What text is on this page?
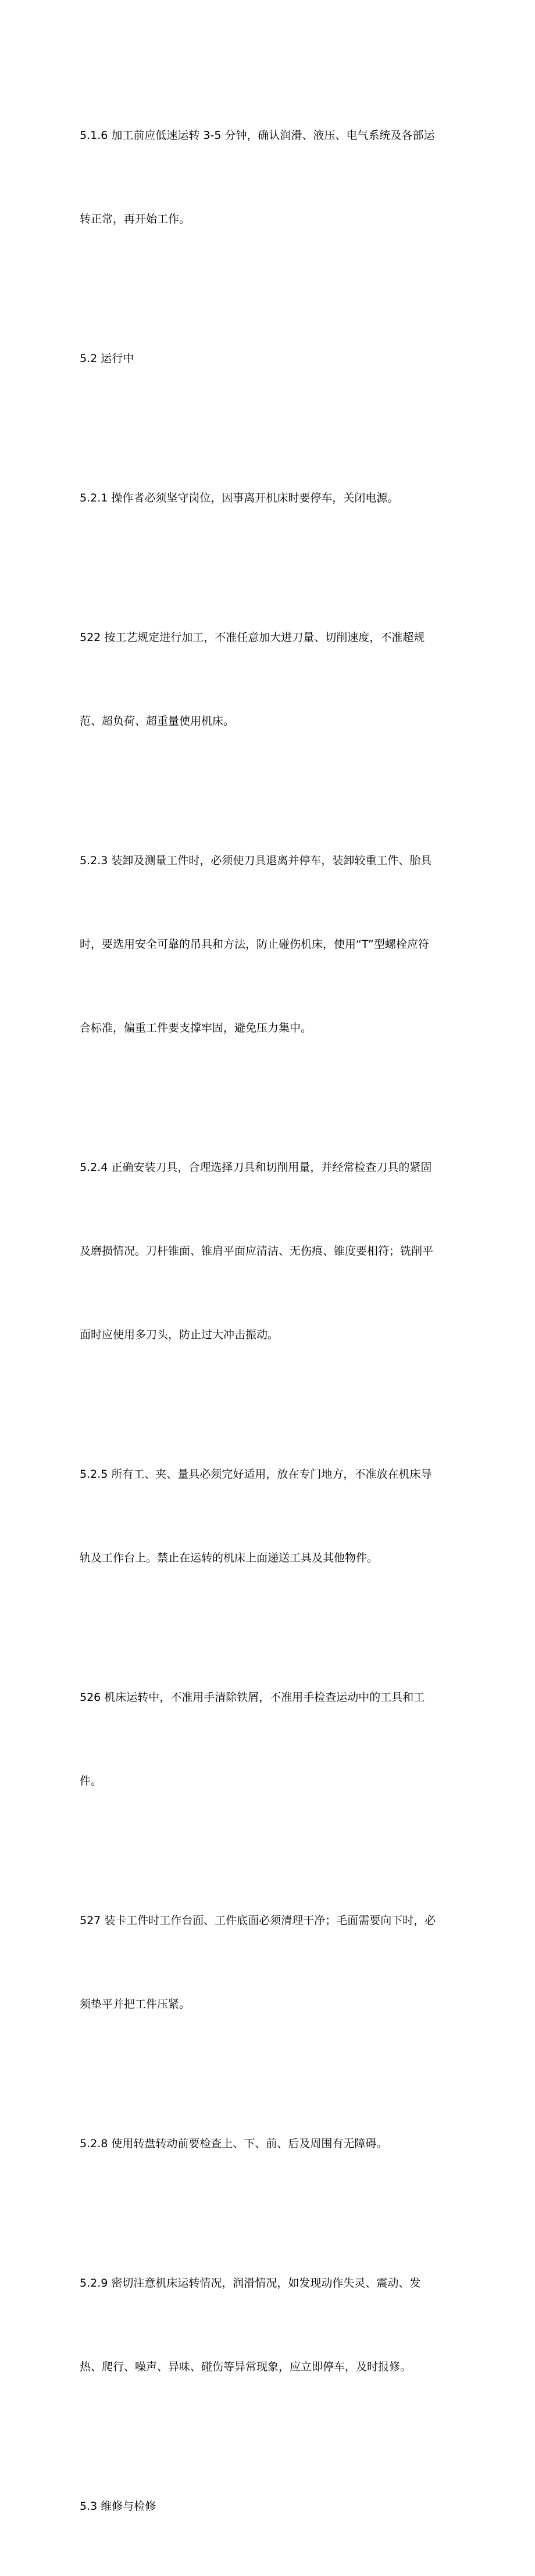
5.1.6 加工前应低速运转 3-5 分钟，确认润滑、液压、电气系统及各部运

转正常，再开始工作。

5.2 运行中

5.2.1 操作者必须坚守岗位，因事离开机床时要停车，关闭电源。

522 按工艺规定进行加工，不准任意加大进刀量、切削速度，不准超规

范、超负荷、超重量使用机床。

5.2.3 装卸及测量工件时，必须使刀具退离并停车，装卸较重工件、胎具

时，要选用安全可靠的吊具和方法，防止碰伤机床，使用“T”型螺栓应符

合标准，偏重工件要支撑牢固，避免压力集中。

5.2.4 正确安装刀具，合理选择刀具和切削用量，并经常检查刀具的紧固

及磨损情况。刀杆锥面、锥肩平面应清洁、无伤痕、锥度要相符；铣削平

面时应使用多刀头，防止过大冲击振动。

5.2.5 所有工、夹、量具必须完好适用，放在专门地方，不准放在机床导

轨及工作台上。禁止在运转的机床上面递送工具及其他物件。

526 机床运转中，不准用手清除铁屑，不准用手检查运动中的工具和工

件。

527 装卡工件时工作台面、工件底面必须清理干净；毛面需要向下时，必

须垫平并把工件压紧。

5.2.8 使用转盘转动前要检查上、下、前、后及周围有无障碍。

5.2.9 密切注意机床运转情况，润滑情况，如发现动作失灵、震动、发

热、爬行、噪声、异味、碰伤等异常现象，应立即停车，及时报修。

5.3 维修与检修
